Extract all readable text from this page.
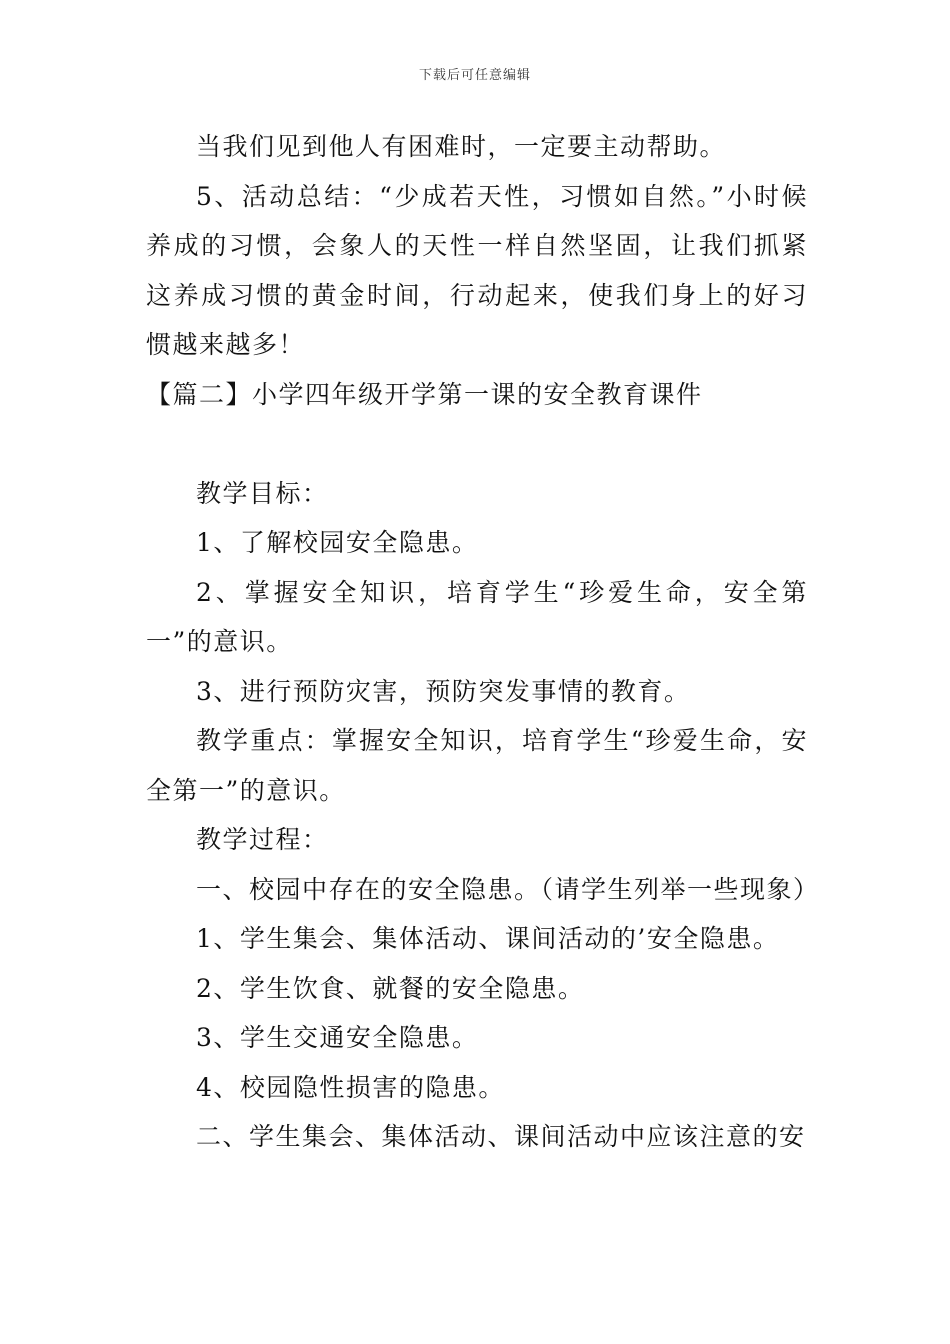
下载后可任意编辑

当我们见到他人有困难时，一定要主动帮助。

5、活动总结：“少成若天性，习惯如自然。”小时候养成的习惯，会象人的天性一样自然坚固，让我们抓紧这养成习惯的黄金时间，行动起来，使我们身上的好习惯越来越多！

【篇二】小学四年级开学第一课的安全教育课件

教学目标：

1、了解校园安全隐患。

2、掌握安全知识，培育学生“珍爱生命，安全第一”的意识。

3、进行预防灾害，预防突发事情的教育。

教学重点：掌握安全知识，培育学生“珍爱生命，安全第一”的意识。

教学过程：

一、校园中存在的安全隐患。（请学生列举一些现象）

1、学生集会、集体活动、课间活动的’安全隐患。

2、学生饮食、就餐的安全隐患。

3、学生交通安全隐患。

4、校园隐性损害的隐患。

二、学生集会、集体活动、课间活动中应该注意的安
